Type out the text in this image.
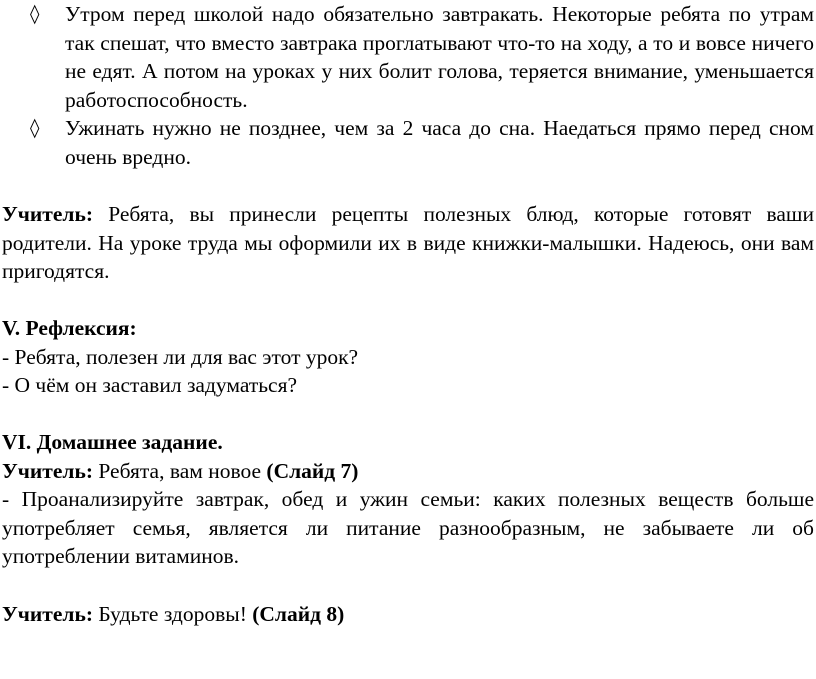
◊	Утром перед школой надо обязательно завтракать. Некоторые ребята по утрам так спешат, что вместо завтрака проглатывают что-то на ходу, а то и вовсе ничего не едят. А потом на уроках у них болит голова, теряется внимание, уменьшается работоспособность.
◊	Ужинать нужно не позднее, чем за 2 часа до сна. Наедаться прямо перед сном очень вредно.
Учитель: Ребята, вы принесли рецепты полезных блюд, которые готовят ваши родители. На уроке труда мы оформили их в виде книжки-малышки. Надеюсь, они вам пригодятся.
V. Рефлексия:
- Ребята, полезен ли для вас этот урок?
- О чём он заставил задуматься?
VI. Домашнее задание.
Учитель: Ребята, вам новое (Слайд 7)
- Проанализируйте завтрак, обед и ужин семьи: каких полезных веществ больше употребляет семья, является ли питание разнообразным, не забываете ли об употреблении витаминов.
Учитель: Будьте здоровы! (Слайд 8)
